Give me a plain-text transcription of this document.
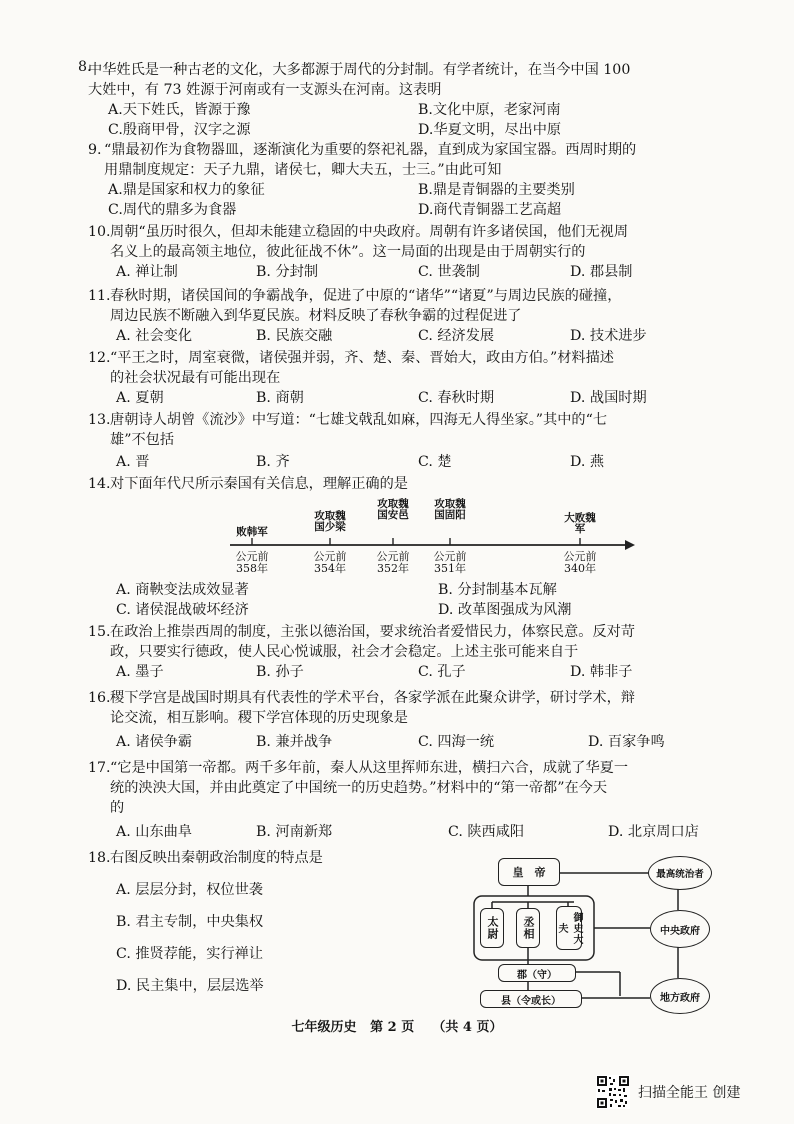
8.
中华姓氏是一种古老的文化，大多都源于周代的分封制。有学者统计，在当今中国 100
大姓中，有 73 姓源于河南或有一支源头在河南。这表明
A.天下姓氏，皆源于豫	B.文化中原，老家河南
C.殷商甲骨，汉字之源	D.华夏文明，尽出中原
9. “鼎最初作为食物器皿，逐渐演化为重要的祭祀礼器，直到成为家国宝器。西周时期的
用鼎制度规定：天子九鼎，诸侯七，卿大夫五，士三。”由此可知
A.鼎是国家和权力的象征	B.鼎是青铜器的主要类别
C.周代的鼎多为食器	D.商代青铜器工艺高超
10. 周朝“虽历时很久，但却未能建立稳固的中央政府。周朝有许多诸侯国，他们无视周
名义上的最高领主地位，彼此征战不休”。这一局面的出现是由于周朝实行的
A. 禅让制	B. 分封制	C. 世袭制	D. 郡县制
11. 春秋时期，诸侯国间的争霸战争，促进了中原的“诸华”“诸夏”与周边民族的碰撞，
周边民族不断融入到华夏民族。材料反映了春秋争霸的过程促进了
A. 社会变化	B. 民族交融	C. 经济发展	D. 技术进步
12. “平王之时，周室衰微，诸侯强并弱，齐、楚、秦、晋始大，政由方伯。”材料描述
的社会状况最有可能出现在
A. 夏朝	B. 商朝	C. 春秋时期	D. 战国时期
13. 唐朝诗人胡曾《流沙》中写道：“七雄戈戟乱如麻，四海无人得坐家。”其中的“七
雄”不包括
A. 晋	B. 齐	C. 楚	D. 燕
14. 对下面年代尺所示秦国有关信息，理解正确的是
败韩军
攻取魏国少梁
攻取魏国安邑
攻取魏国固阳	大败魏军
公元前
358年
公元前
354年
公元前
352年
公元前
351年
公元前
340年
A. 商鞅变法成效显著	B. 分封制基本瓦解
C. 诸侯混战破坏经济	D. 改革图强成为风潮
15. 在政治上推崇西周的制度，主张以德治国，要求统治者爱惜民力，体察民意。反对苛
政，只要实行德政，使人民心悦诚服，社会才会稳定。上述主张可能来自于
A. 墨子	B. 孙子	C. 孔子	D. 韩非子
16. 稷下学宫是战国时期具有代表性的学术平台，各家学派在此聚众讲学，研讨学术，辩
论交流，相互影响。稷下学宫体现的历史现象是
A. 诸侯争霸	B. 兼并战争	C. 四海一统	D. 百家争鸣
17. “它是中国第一帝都。两千多年前，秦人从这里挥师东进，横扫六合，成就了华夏一
统的泱泱大国，并由此奠定了中国统一的历史趋势。”材料中的“第一帝都”在今天
的
A. 山东曲阜	B. 河南新郑	C. 陕西咸阳	D. 北京周口店
18. 右图反映出秦朝政治制度的特点是
A. 层层分封，权位世袭
B. 君主专制，中央集权
C. 推贤荐能，实行禅让
D. 民主集中，层层选举
皇　帝	最高统治者
太尉	丞相	御史大夫	中央政府
郡（守）
县（令或长）	地方政府
七年级历史 第 2 页 （共 4 页）
扫描全能王 创建
